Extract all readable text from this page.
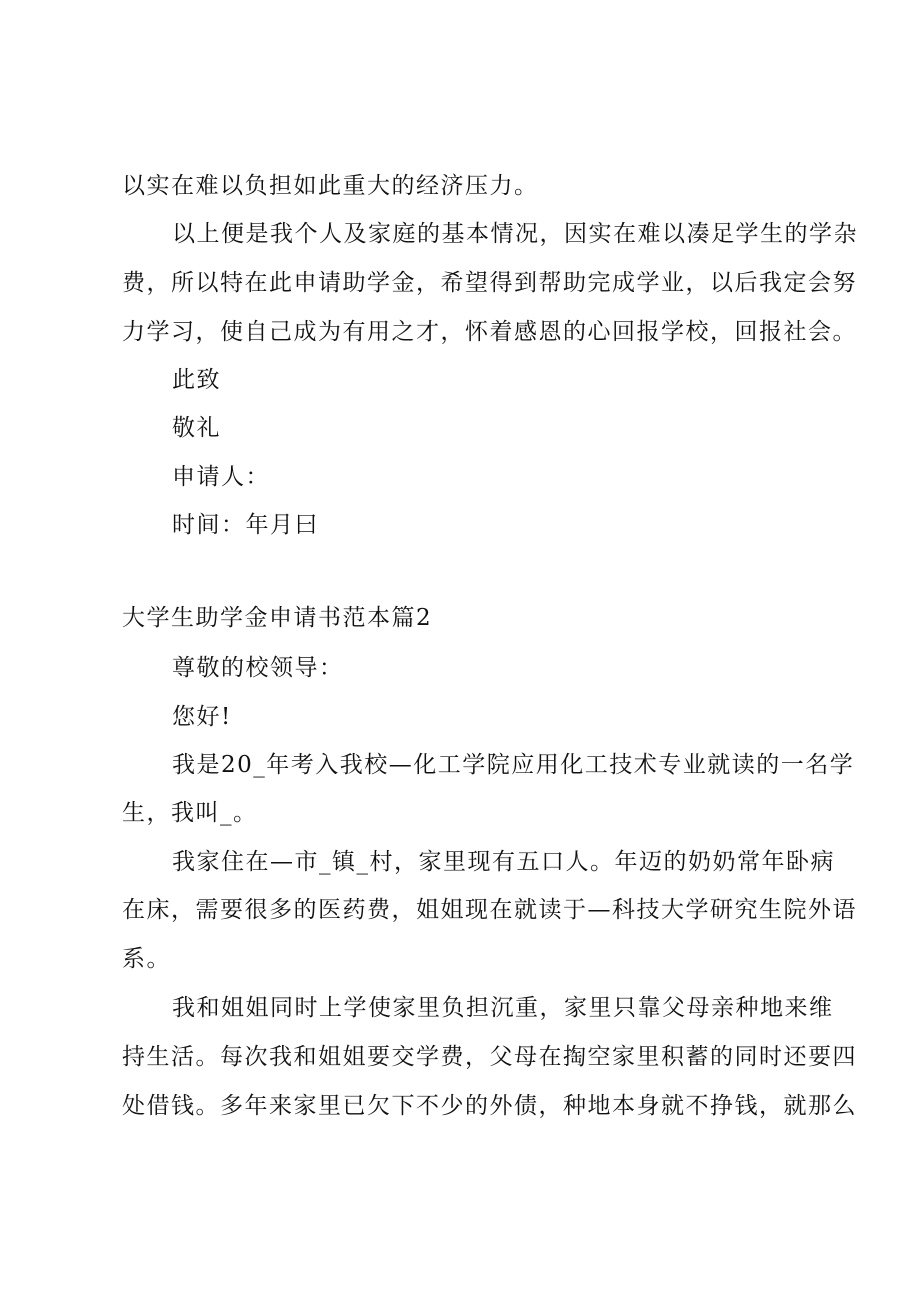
以实在难以负担如此重大的经济压力。
以上便是我个人及家庭的基本情况，因实在难以凑足学生的学杂
费，所以特在此申请助学金，希望得到帮助完成学业，以后我定会努
力学习，使自己成为有用之才，怀着感恩的心回报学校，回报社会。
此致
敬礼
申请人：
时间：年月曰
大学生助学金申请书范本篇2
尊敬的校领导：
您好!
我是20_年考入我校—化工学院应用化工技术专业就读的一名学
生，我叫_。
我家住在—市_镇_村，家里现有五口人。年迈的奶奶常年卧病
在床，需要很多的医药费，姐姐现在就读于—科技大学研究生院外语
系。
我和姐姐同时上学使家里负担沉重，家里只靠父母亲种地来维
持生活。每次我和姐姐要交学费，父母在掏空家里积蓄的同时还要四
处借钱。多年来家里已欠下不少的外债，种地本身就不挣钱，就那么
